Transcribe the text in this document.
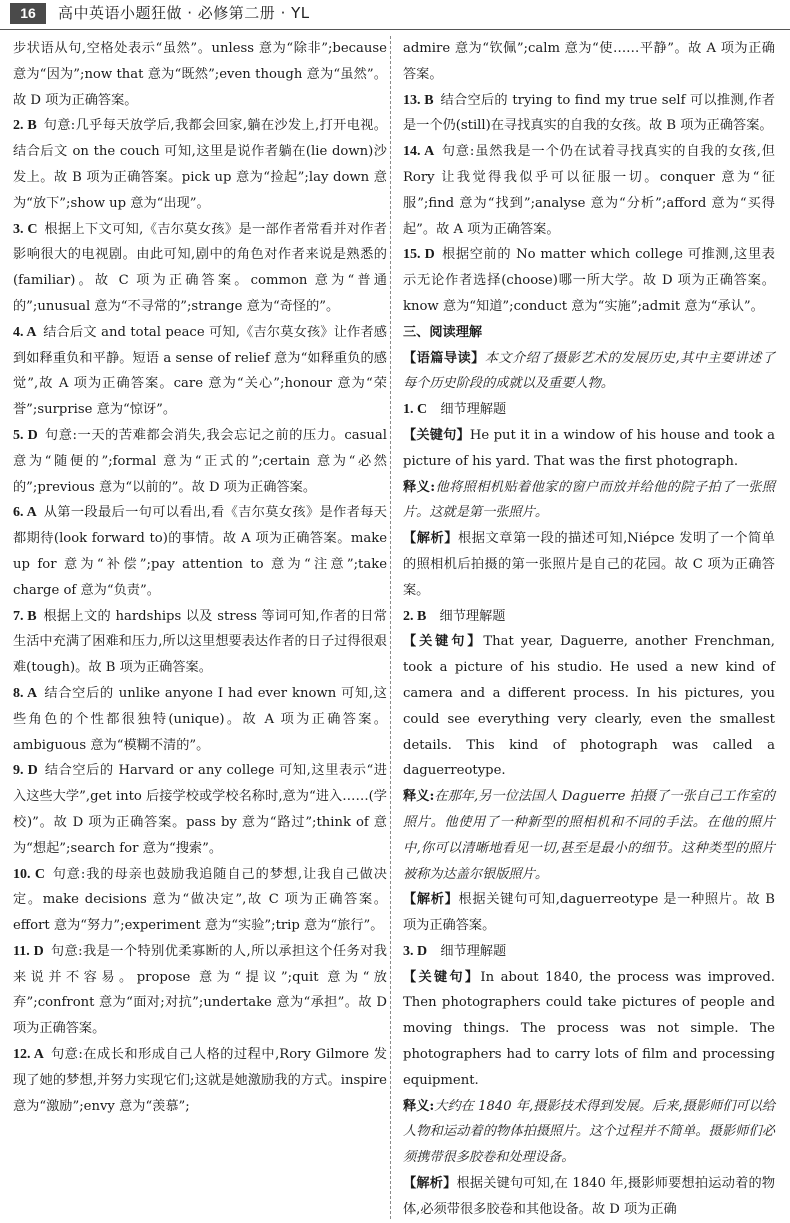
16	高中英语小题狂做 · 必修第二册 · YL

步状语从句,空格处表示“虽然”。unless 意为“除非”;because 意为“因为”;now that 意为“既然”;even though 意为“虽然”。故 D 项为正确答案。

2. B  句意:几乎每天放学后,我都会回家,躺在沙发上,打开电视。结合后文 on the couch 可知,这里是说作者躺在(lie down)沙发上。故 B 项为正确答案。pick up 意为“捡起”;lay down 意为“放下”;show up 意为“出现”。

3. C  根据上下文可知,《吉尔莫女孩》是一部作者常看并对作者影响很大的电视剧。由此可知,剧中的角色对作者来说是熟悉的(familiar)。故 C 项为正确答案。common 意为“普通的”;unusual 意为“不寻常的”;strange 意为“奇怪的”。

4. A  结合后文 and total peace 可知,《吉尔莫女孩》让作者感到如释重负和平静。短语 a sense of relief 意为“如释重负的感觉”,故 A 项为正确答案。care 意为“关心”;honour 意为“荣誉”;surprise 意为“惊讶”。

5. D  句意:一天的苦难都会消失,我会忘记之前的压力。casual 意为“随便的”;formal 意为“正式的”;certain 意为“必然的”;previous 意为“以前的”。故 D 项为正确答案。

6. A  从第一段最后一句可以看出,看《吉尔莫女孩》是作者每天都期待(look forward to)的事情。故 A 项为正确答案。make up for 意为“补偿”;pay attention to 意为“注意”;take charge of 意为“负责”。

7. B  根据上文的 hardships 以及 stress 等词可知,作者的日常生活中充满了困难和压力,所以这里想要表达作者的日子过得很艰难(tough)。故 B 项为正确答案。

8. A  结合空后的 unlike anyone I had ever known 可知,这些角色的个性都很独特(unique)。故 A 项为正确答案。ambiguous 意为“模糊不清的”。

9. D  结合空后的 Harvard or any college 可知,这里表示“进入这些大学”,get into 后接学校或学校名称时,意为“进入……(学校)”。故 D 项为正确答案。pass by 意为“路过”;think of 意为“想起”;search for 意为“搜索”。

10. C  句意:我的母亲也鼓励我追随自己的梦想,让我自己做决定。make decisions 意为“做决定”,故 C 项为正确答案。effort 意为“努力”;experiment 意为“实验”;trip 意为“旅行”。

11. D  句意:我是一个特别优柔寡断的人,所以承担这个任务对我来说并不容易。propose 意为“提议”;quit 意为“放弃”;confront 意为“面对;对抗”;undertake 意为“承担”。故 D 项为正确答案。

12. A  句意:在成长和形成自己人格的过程中,Rory Gilmore 发现了她的梦想,并努力实现它们;这就是她激励我的方式。inspire 意为“激励”;envy 意为“羡慕”;

admire 意为“钦佩”;calm 意为“使……平静”。故 A 项为正确答案。

13. B  结合空后的 trying to find my true self 可以推测,作者是一个仍(still)在寻找真实的自我的女孩。故 B 项为正确答案。

14. A  句意:虽然我是一个仍在试着寻找真实的自我的女孩,但 Rory 让我觉得我似乎可以征服一切。conquer 意为“征服”;find 意为“找到”;analyse 意为“分析”;afford 意为“买得起”。故 A 项为正确答案。

15. D  根据空前的 No matter which college 可推测,这里表示无论作者选择(choose)哪一所大学。故 D 项为正确答案。know 意为“知道”;conduct 意为“实施”;admit 意为“承认”。

三、阅读理解

【语篇导读】本文介绍了摄影艺术的发展历史,其中主要讲述了每个历史阶段的成就以及重要人物。

1. C  细节理解题

【关键句】He put it in a window of his house and took a picture of his yard. That was the first photograph.

释义:他将照相机贴着他家的窗户而放并给他的院子拍了一张照片。这就是第一张照片。

【解析】根据文章第一段的描述可知,Niépce 发明了一个简单的照相机后拍摄的第一张照片是自己的花园。故 C 项为正确答案。

2. B  细节理解题

【关键句】That year, Daguerre, another Frenchman, took a picture of his studio. He used a new kind of camera and a different process. In his pictures, you could see everything very clearly, even the smallest details. This kind of photograph was called a daguerreotype.

释义:在那年,另一位法国人 Daguerre 拍摄了一张自己工作室的照片。他使用了一种新型的照相机和不同的手法。在他的照片中,你可以清晰地看见一切,甚至是最小的细节。这种类型的照片被称为达盖尔银版照片。

【解析】根据关键句可知,daguerreotype 是一种照片。故 B 项为正确答案。

3. D  细节理解题

【关键句】In about 1840, the process was improved. Then photographers could take pictures of people and moving things. The process was not simple. The photographers had to carry lots of film and processing equipment.

释义:大约在 1840 年,摄影技术得到发展。后来,摄影师们可以给人物和运动着的物体拍摄照片。这个过程并不简单。摄影师们必须携带很多胶卷和处理设备。

【解析】根据关键句可知,在 1840 年,摄影师要想拍运动着的物体,必须带很多胶卷和其他设备。故 D 项为正确
